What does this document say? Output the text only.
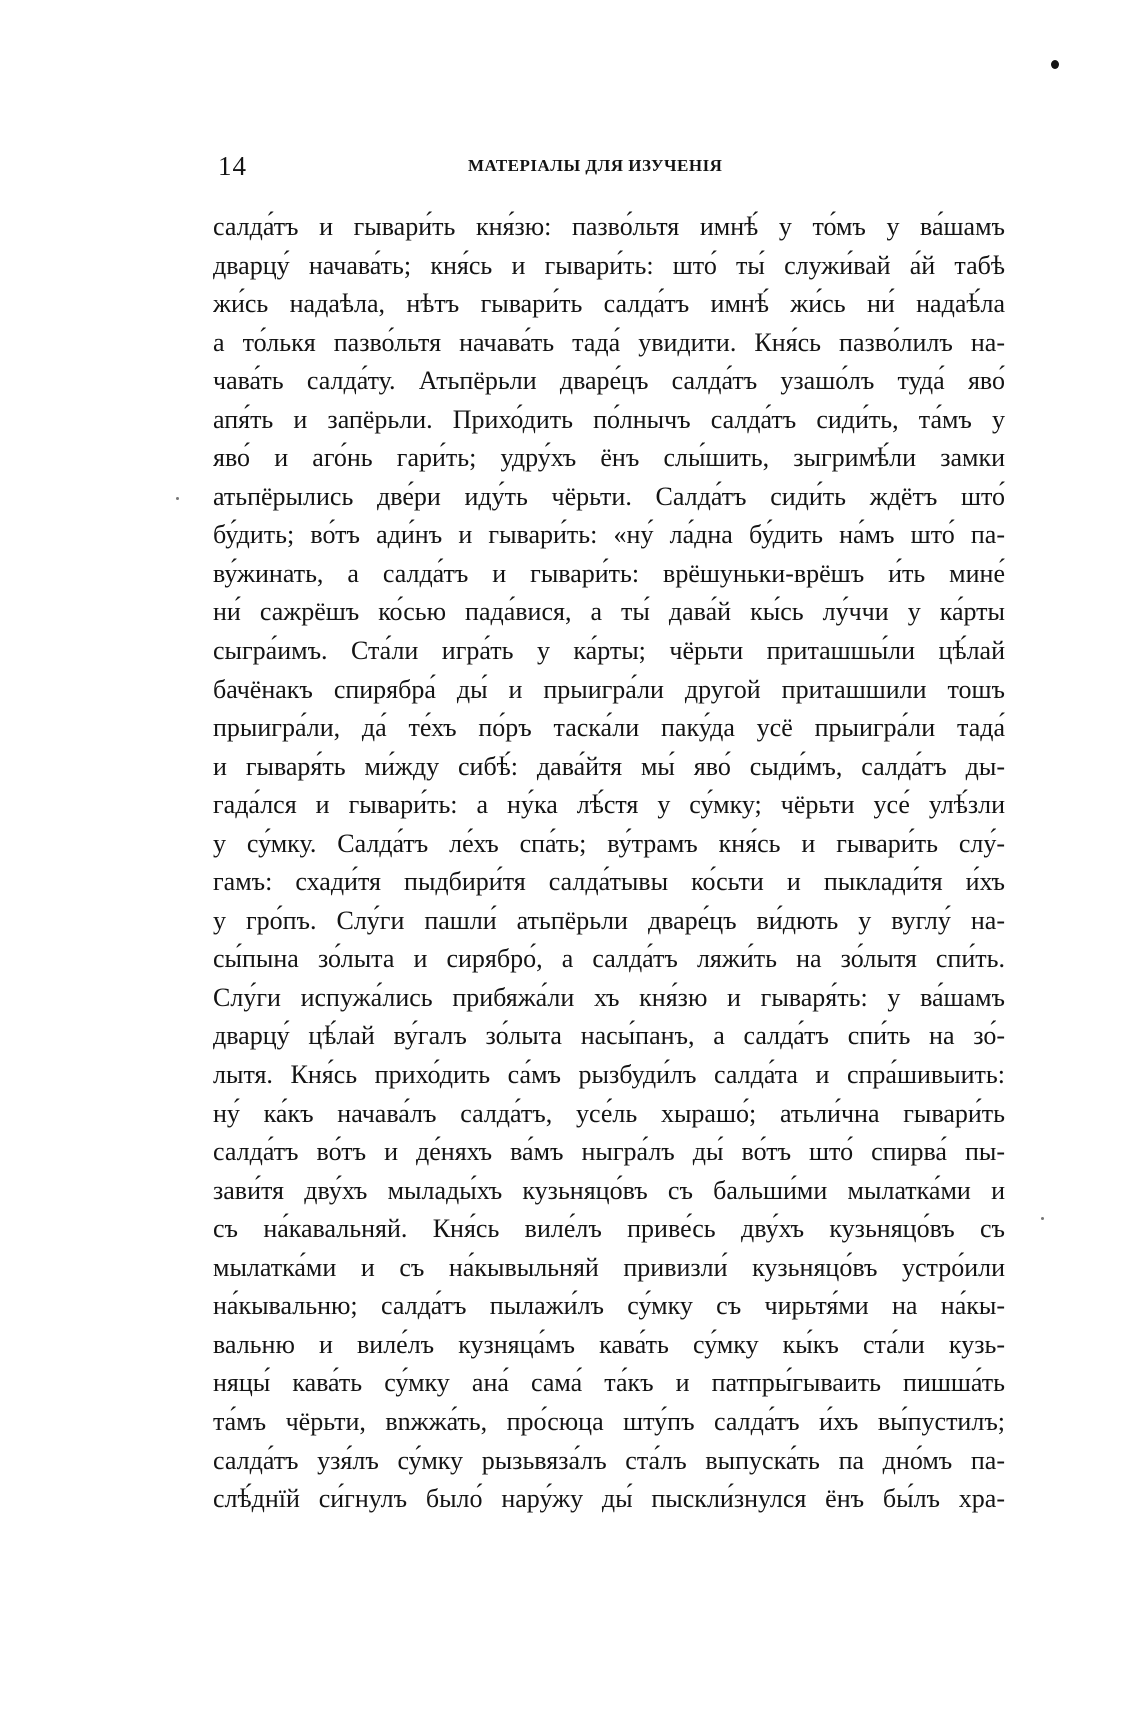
14	МАТЕРІАЛЫ ДЛЯ ИЗУЧЕНІЯ
салда́тъ и гывари́ть кня́зю: пазво́льтя имнѣ́ у то́мъ у ва́шамъ
дварцу́ начава́ть; кня́сь и гывари́ть: што́ ты́ служи́вай а́й табѣ
жи́сь надаѣла, нѣтъ гывари́ть салда́тъ имнѣ́ жи́сь ни́ надаѣ́ла
а то́лькя пазво́льтя начава́ть тада́ увидити. Кня́сь пазво́лилъ на-
чава́ть салда́ту. Атьпёрьли дваре́цъ салда́тъ узашо́лъ туда́ яво́
апя́ть и запёрьли. Прихо́дить по́лнычъ салда́тъ сиди́ть, та́мъ у
яво́ и аго́нь гари́ть; удру́хъ ёнъ слы́шить, зыгримѣ́ли замки
атьпёрылись две́ри иду́ть чёрьти. Салда́тъ сиди́ть ждётъ што́
бу́дить; во́тъ ади́нъ и гывари́ть: «ну́ ла́дна бу́дить на́мъ што́ па-
ву́жинать, а салда́тъ и гывари́ть: врёшуньки-врёшъ и́ть мине́
ни́ сажрёшъ ко́сью пада́вися, а ты́ дава́й кы́сь лу́ччи у ка́рты
сыгра́имъ. Ста́ли игра́ть у ка́рты; чёрьти приташшы́ли цѣ́лай
бачёнакъ спирябра́ ды́ и прыигра́ли другой приташшили тошъ
прыигра́ли, да́ те́хъ по́ръ таска́ли паку́да усё прыигра́ли тада́
и гываря́ть ми́жду сибѣ́: дава́йтя мы́ яво́ сыди́мъ, салда́тъ ды-
гада́лся и гывари́ть: а ну́ка лѣ́стя у су́мку; чёрьти усе́ улѣ́зли
у су́мку. Салда́тъ ле́хъ спа́ть; ву́трамъ кня́сь и гывари́ть слу́-
гамъ: схади́тя пыдбири́тя салда́тывы ко́сьти и пыклади́тя и́хъ
у гро́пъ. Слу́ги пашли́ атьпёрьли дваре́цъ ви́дють у вуглу́ на-
сы́пына зо́лыта и сирябро́, а салда́тъ ляжи́ть на зо́лытя спи́ть.
Слу́ги испужа́лись прибяжа́ли хъ кня́зю и гываря́ть: у ва́шамъ
дварцу́ цѣ́лай ву́галъ зо́лыта насы́панъ, а салда́тъ спи́ть на зо́-
лытя. Кня́сь прихо́дить са́мъ рызбуди́лъ салда́та и спра́шивыить:
ну́ ка́къ начава́лъ салда́тъ, усе́ль хырашо́; атьли́чна гывари́ть
салда́тъ во́тъ и де́няхъ ва́мъ ныгра́лъ ды́ во́тъ што́ спирва́ пы-
зави́тя дву́хъ мылады́хъ кузьняцо́въ съ бальши́ми мылатка́ми и
съ на́кавальняй. Кня́сь виле́лъ приве́сь дву́хъ кузьняцо́въ съ
мылатка́ми и съ на́кывыльняй привизли́ кузьняцо́въ устро́или
на́кывальню; салда́тъ пылажи́лъ су́мку съ чирьтя́ми на на́кы-
вальню и виле́лъ кузняца́мъ кава́ть су́мку кы́къ ста́ли кузь-
няцы́ кава́ть су́мку ана́ сама́ та́къ и патпры́гываить пишша́ть
та́мъ чёрьти, вnжжа́ть, про́сюца шту́пъ салда́тъ и́хъ вы́пустилъ;
салда́тъ узя́лъ су́мку рызьвяза́лъ ста́лъ выпуска́ть па дно́мъ па-
слѣ́днїй си́гнулъ было́ нару́жу ды́ пыскли́знулся ёнъ бы́лъ хра-
